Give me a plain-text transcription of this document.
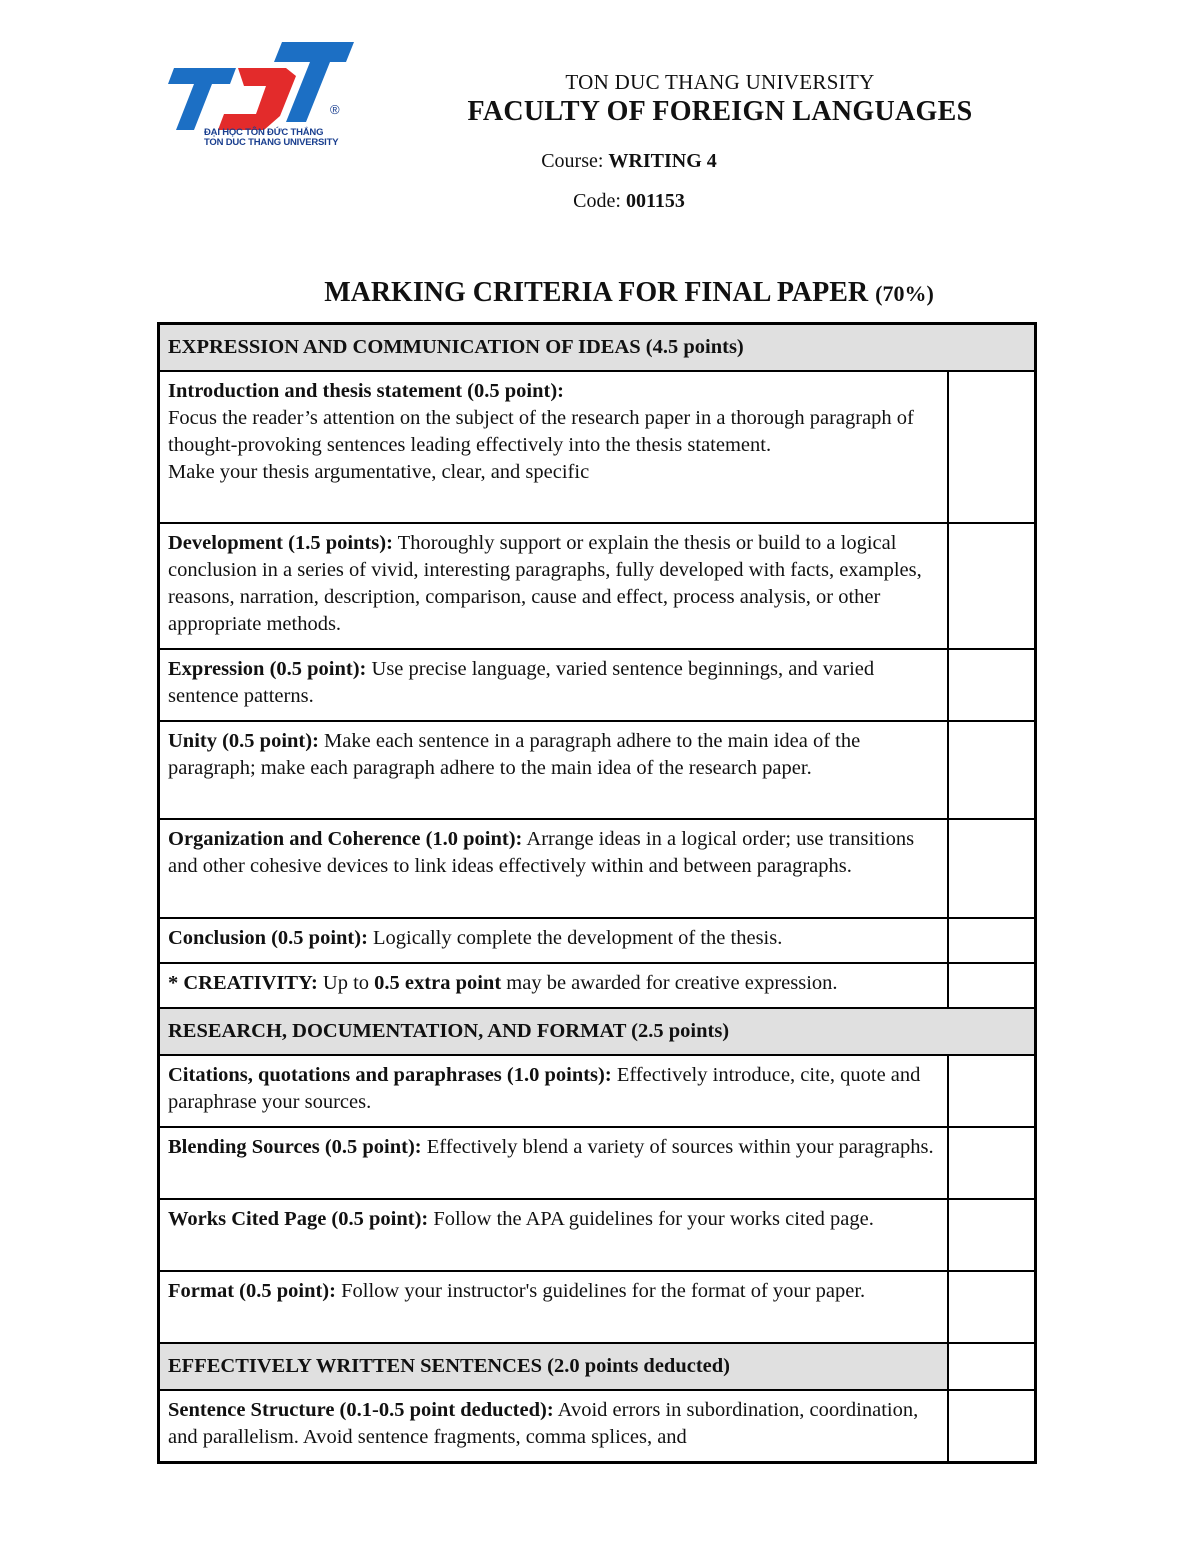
®
ĐẠI HỌC TÔN ĐỨC THẮNG
TON DUC THANG UNIVERSITY
TON DUC THANG UNIVERSITY
FACULTY OF FOREIGN LANGUAGES
Course: WRITING 4
Code: 001153
MARKING CRITERIA FOR FINAL PAPER (70%)
EXPRESSION AND COMMUNICATION OF IDEAS (4.5 points)	

Introduction and thesis statement (0.5 point):
Focus the reader’s attention on the subject of the research paper in a thorough paragraph of thought-provoking sentences leading effectively into the thesis statement.
Make your thesis argumentative, clear, and specific	

Development (1.5 points): Thoroughly support or explain the thesis or build to a logical conclusion in a series of vivid, interesting paragraphs, fully developed with facts, examples, reasons, narration, description, comparison, cause and effect, process analysis, or other appropriate methods.	
Expression (0.5 point): Use precise language, varied sentence beginnings, and varied sentence patterns.	
Unity (0.5 point): Make each sentence in a paragraph adhere to the main idea of the paragraph; make each paragraph adhere to the main idea of the research paper.	
Organization and Coherence (1.0 point): Arrange ideas in a logical order; use transitions and other cohesive devices to link ideas effectively within and between paragraphs.	
Conclusion (0.5 point): Logically complete the development of the thesis.	
* CREATIVITY: Up to 0.5 extra point may be awarded for creative expression.	
RESEARCH, DOCUMENTATION, AND FORMAT (2.5 points)	
Citations, quotations and paraphrases (1.0 points): Effectively introduce, cite, quote and paraphrase your sources.	
Blending Sources (0.5 point): Effectively blend a variety of sources within your paragraphs.	
Works Cited Page (0.5 point): Follow the APA guidelines for your works cited page.	
Format (0.5 point): Follow your instructor's guidelines for the format of your paper.	
EFFECTIVELY WRITTEN SENTENCES (2.0 points deducted)	
Sentence Structure (0.1-0.5 point deducted): Avoid errors in subordination, coordination, and parallelism. Avoid sentence fragments, comma splices, and	
